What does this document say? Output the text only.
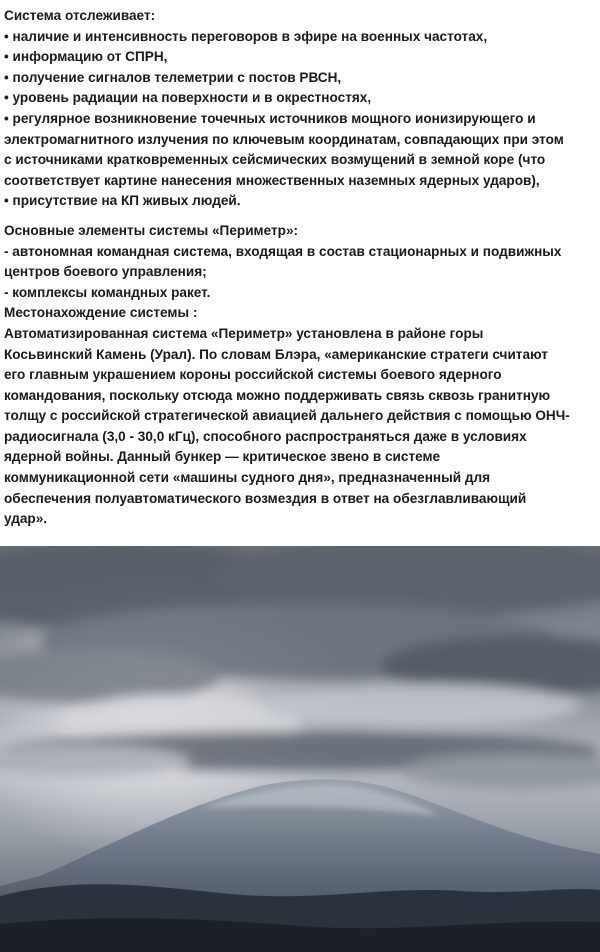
Система отслеживает:
• наличие и интенсивность переговоров в эфире на военных частотах,
• информацию от СПРН,
• получение сигналов телеметрии с постов РВСН,
• уровень радиации на поверхности и в окрестностях,
• регулярное возникновение точечных источников мощного ионизирующего и
электромагнитного излучения по ключевым координатам, совпадающих при этом
с источниками кратковременных сейсмических возмущений в земной коре (что
соответствует картине нанесения множественных наземных ядерных ударов),
• присутствие на КП живых людей.
Основные элементы системы «Периметр»:
- автономная командная система, входящая в состав стационарных и подвижных
центров боевого управления;
- комплексы командных ракет.
Местонахождение системы :
Автоматизированная система «Периметр» установлена в районе горы
Косьвинский Камень (Урал). По словам Блэра, «американские стратеги считают
его главным украшением короны российской системы боевого ядерного
командования, поскольку отсюда можно поддерживать связь сквозь гранитную
толщу с российской стратегической авиацией дальнего действия с помощью ОНЧ-
радиосигнала (3,0 - 30,0 кГц), способного распространяться даже в условиях
ядерной войны. Данный бункер — критическое звено в системе
коммуникационной сети «машины судного дня», предназначенный для
обеспечения полуавтоматического возмездия в ответ на обезглавливающий
удар».
